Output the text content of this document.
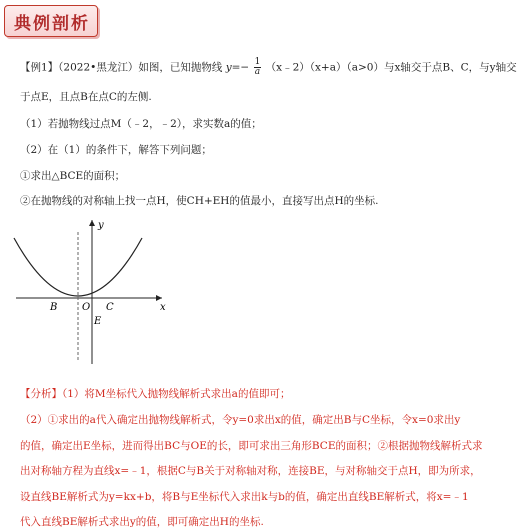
典例剖析
【例1】（2022•黑龙江）如图，已知抛物线 $y=- \frac{1}{a}$ （x﹣2）（x+a）（a>0）与x轴交于点B、C，与y轴交
于点E，且点B在点C的左侧.
（1）若抛物线过点M（﹣2，﹣2），求实数a的值；
（2）在（1）的条件下，解答下列问题；
①求出△BCE的面积；
②在抛物线的对称轴上找一点H，使CH+EH的值最小，直接写出点H的坐标.
y
x
O
B	C
E
【分析】（1）将M坐标代入抛物线解析式求出a的值即可；
（2）①求出的a代入确定出抛物线解析式，令y=0求出x的值，确定出B与C坐标，令x=0求出y
的值，确定出E坐标，进而得出BC与OE的长，即可求出三角形BCE的面积；②根据抛物线解析式求
出对称轴方程为直线x=﹣1，根据C与B关于对称轴对称，连接BE，与对称轴交于点H，即为所求，
设直线BE解析式为y=kx+b，将B与E坐标代入求出k与b的值，确定出直线BE解析式，将x=﹣1
代入直线BE解析式求出y的值，即可确定出H的坐标.
